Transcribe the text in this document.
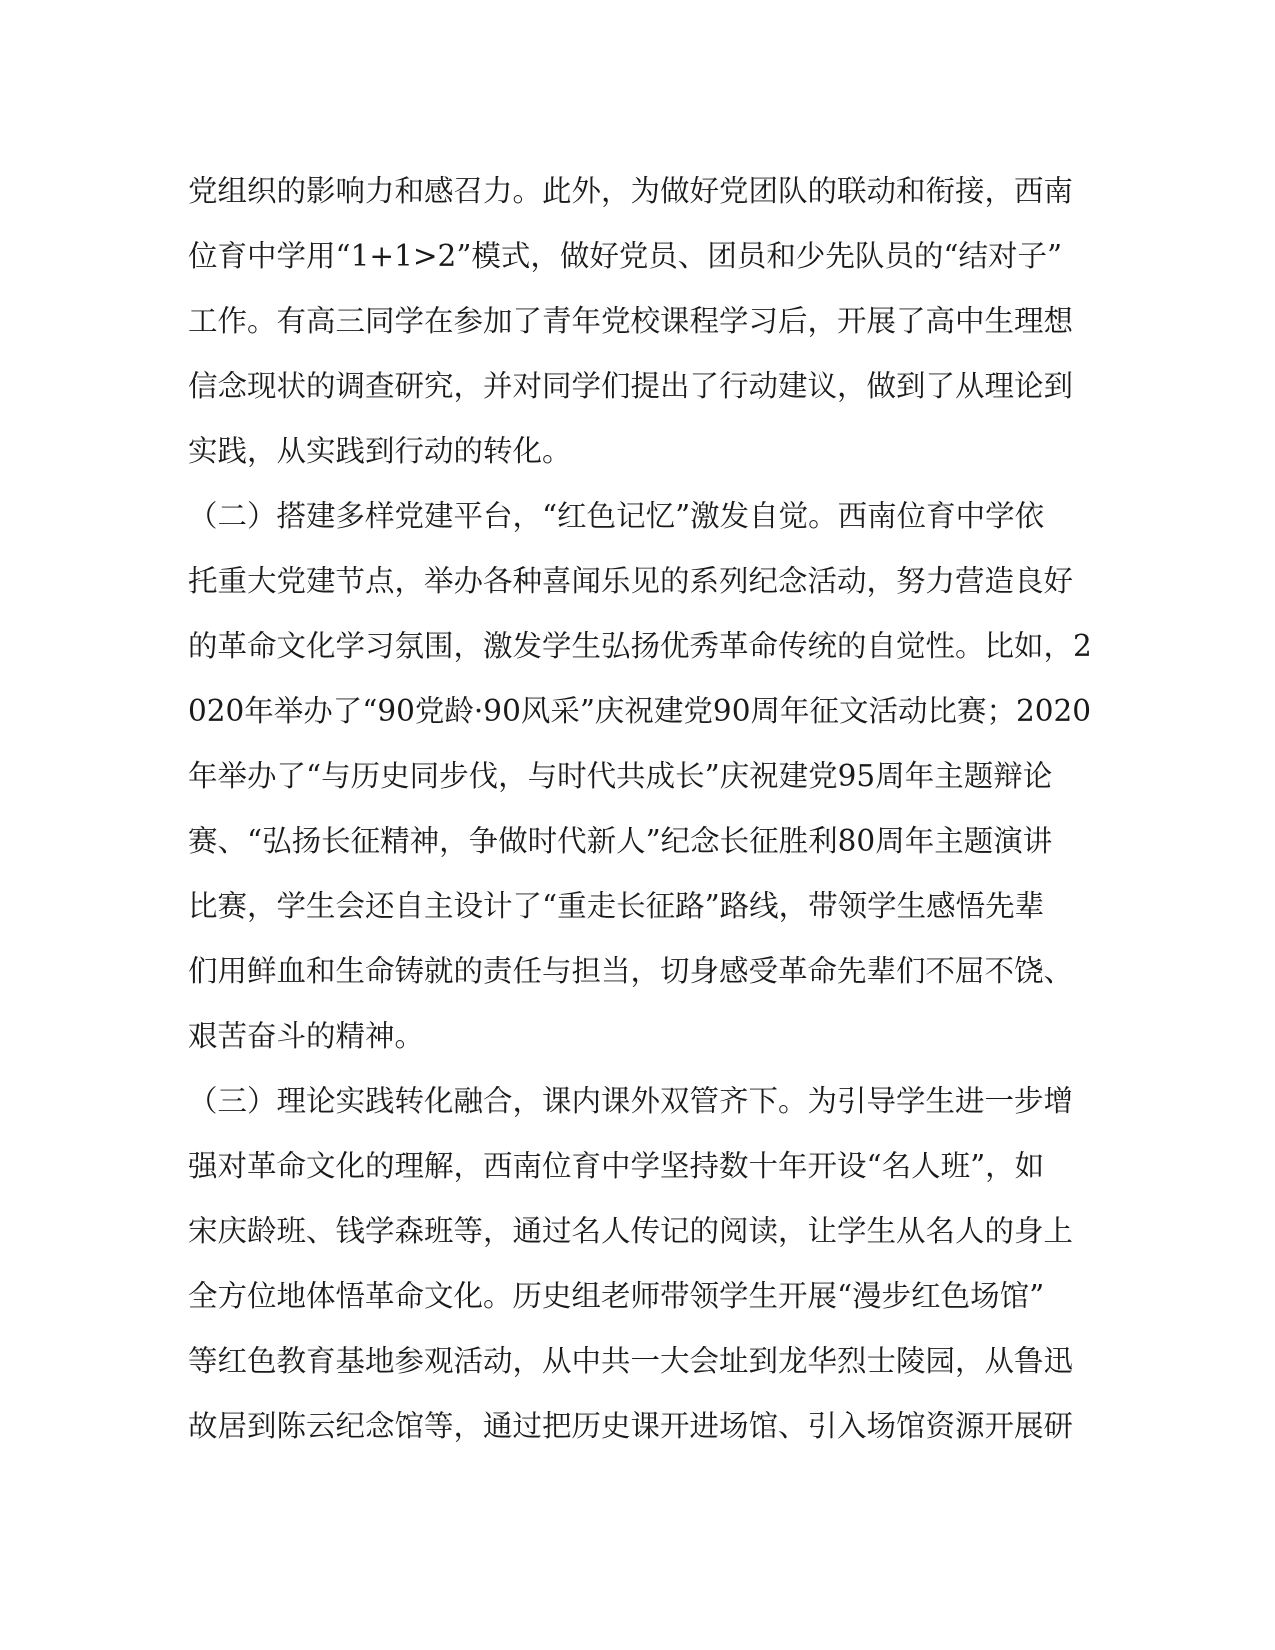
党组织的影响力和感召力。此外，为做好党团队的联动和衔接，西南
位育中学用“1+1>2”模式，做好党员、团员和少先队员的“结对子”
工作。有高三同学在参加了青年党校课程学习后，开展了高中生理想
信念现状的调查研究，并对同学们提出了行动建议，做到了从理论到
实践，从实践到行动的转化。
（二）搭建多样党建平台，“红色记忆”激发自觉。西南位育中学依
托重大党建节点，举办各种喜闻乐见的系列纪念活动，努力营造良好
的革命文化学习氛围，激发学生弘扬优秀革命传统的自觉性。比如，2
020年举办了“90党龄·90风采”庆祝建党90周年征文活动比赛；2020
年举办了“与历史同步伐，与时代共成长”庆祝建党95周年主题辩论
赛、“弘扬长征精神，争做时代新人”纪念长征胜利80周年主题演讲
比赛，学生会还自主设计了“重走长征路”路线，带领学生感悟先辈
们用鲜血和生命铸就的责任与担当，切身感受革命先辈们不屈不饶、
艰苦奋斗的精神。
（三）理论实践转化融合，课内课外双管齐下。为引导学生进一步增
强对革命文化的理解，西南位育中学坚持数十年开设“名人班”，如
宋庆龄班、钱学森班等，通过名人传记的阅读，让学生从名人的身上
全方位地体悟革命文化。历史组老师带领学生开展“漫步红色场馆”
等红色教育基地参观活动，从中共一大会址到龙华烈士陵园，从鲁迅
故居到陈云纪念馆等，通过把历史课开进场馆、引入场馆资源开展研
